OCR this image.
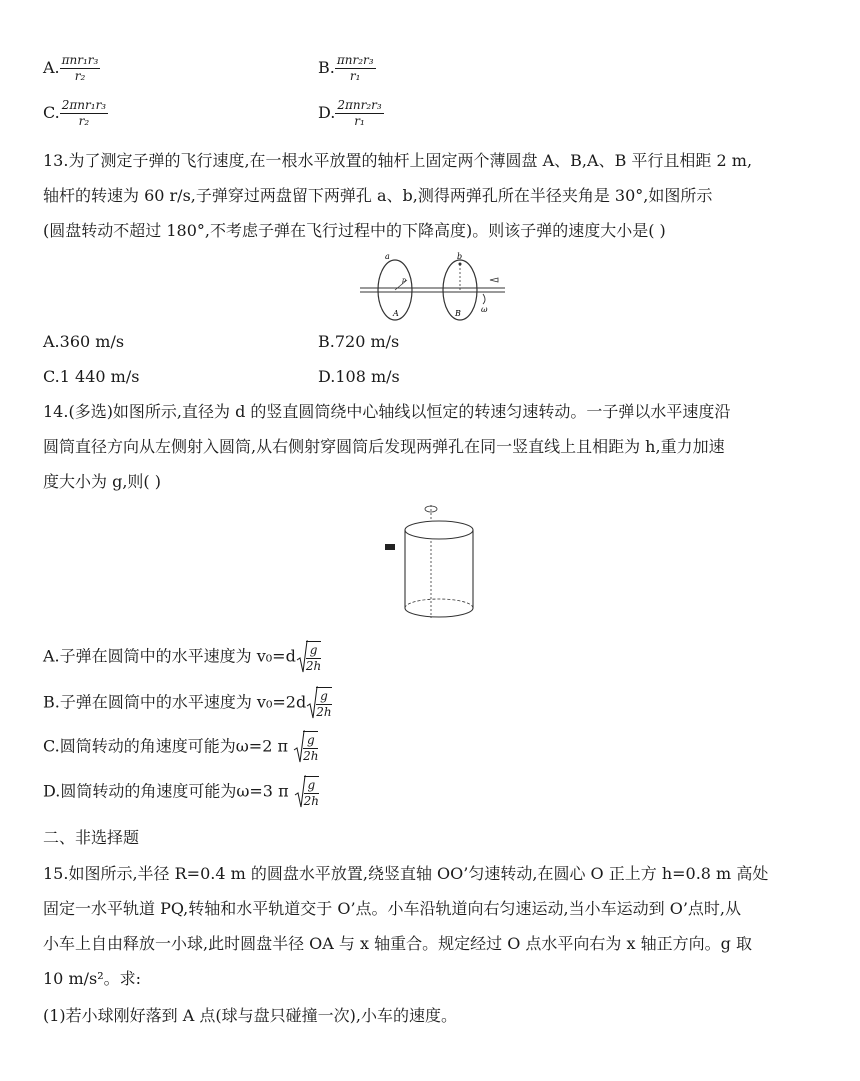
A. $\frac{\text{πnr₁r₃}}{\text{r₂}}$	B. $\frac{\text{πnr₂r₃}}{\text{r₁}}$
C. $\frac{\text{2πnr₁r₃}}{\text{r₂}}$	D. $\frac{\text{2πnr₂r₃}}{\text{r₁}}$
13.为了测定子弹的飞行速度,在一根水平放置的轴杆上固定两个薄圆盘 A、B,A、B 平行且相距 2 m,
轴杆的转速为 60 r/s,子弹穿过两盘留下两弹孔 a、b,测得两弹孔所在半径夹角是 30°,如图所示
(圆盘转动不超过 180°,不考虑子弹在飞行过程中的下降高度)。则该子弹的速度大小是( )
a	b
p
A	B	ω
A.360 m/s	B.720 m/s
C.1 440 m/s	D.108 m/s
14.(多选)如图所示,直径为 d 的竖直圆筒绕中心轴线以恒定的转速匀速转动。一子弹以水平速度沿
圆筒直径方向从左侧射入圆筒,从右侧射穿圆筒后发现两弹孔在同一竖直线上且相距为 h,重力加速
度大小为 g,则( )
A.子弹在圆筒中的水平速度为 $v_0=d \frac{g}{2h}$
B.子弹在圆筒中的水平速度为 $v_0=2d \frac{g}{2h}$
C.圆筒转动的角速度可能为ω=2 π $\frac{g}{2h}$
D.圆筒转动的角速度可能为ω=3 π $\frac{g}{2h}$
二、非选择题
15.如图所示,半径 R=0.4 m 的圆盘水平放置,绕竖直轴 OO’匀速转动,在圆心 O 正上方 h=0.8 m 高处
固定一水平轨道 PQ,转轴和水平轨道交于 O’点。小车沿轨道向右匀速运动,当小车运动到 O’点时,从
小车上自由释放一小球,此时圆盘半径 OA 与 x 轴重合。规定经过 O 点水平向右为 x 轴正方向。g 取
10 m/s²。求:
(1)若小球刚好落到 A 点(球与盘只碰撞一次),小车的速度。
